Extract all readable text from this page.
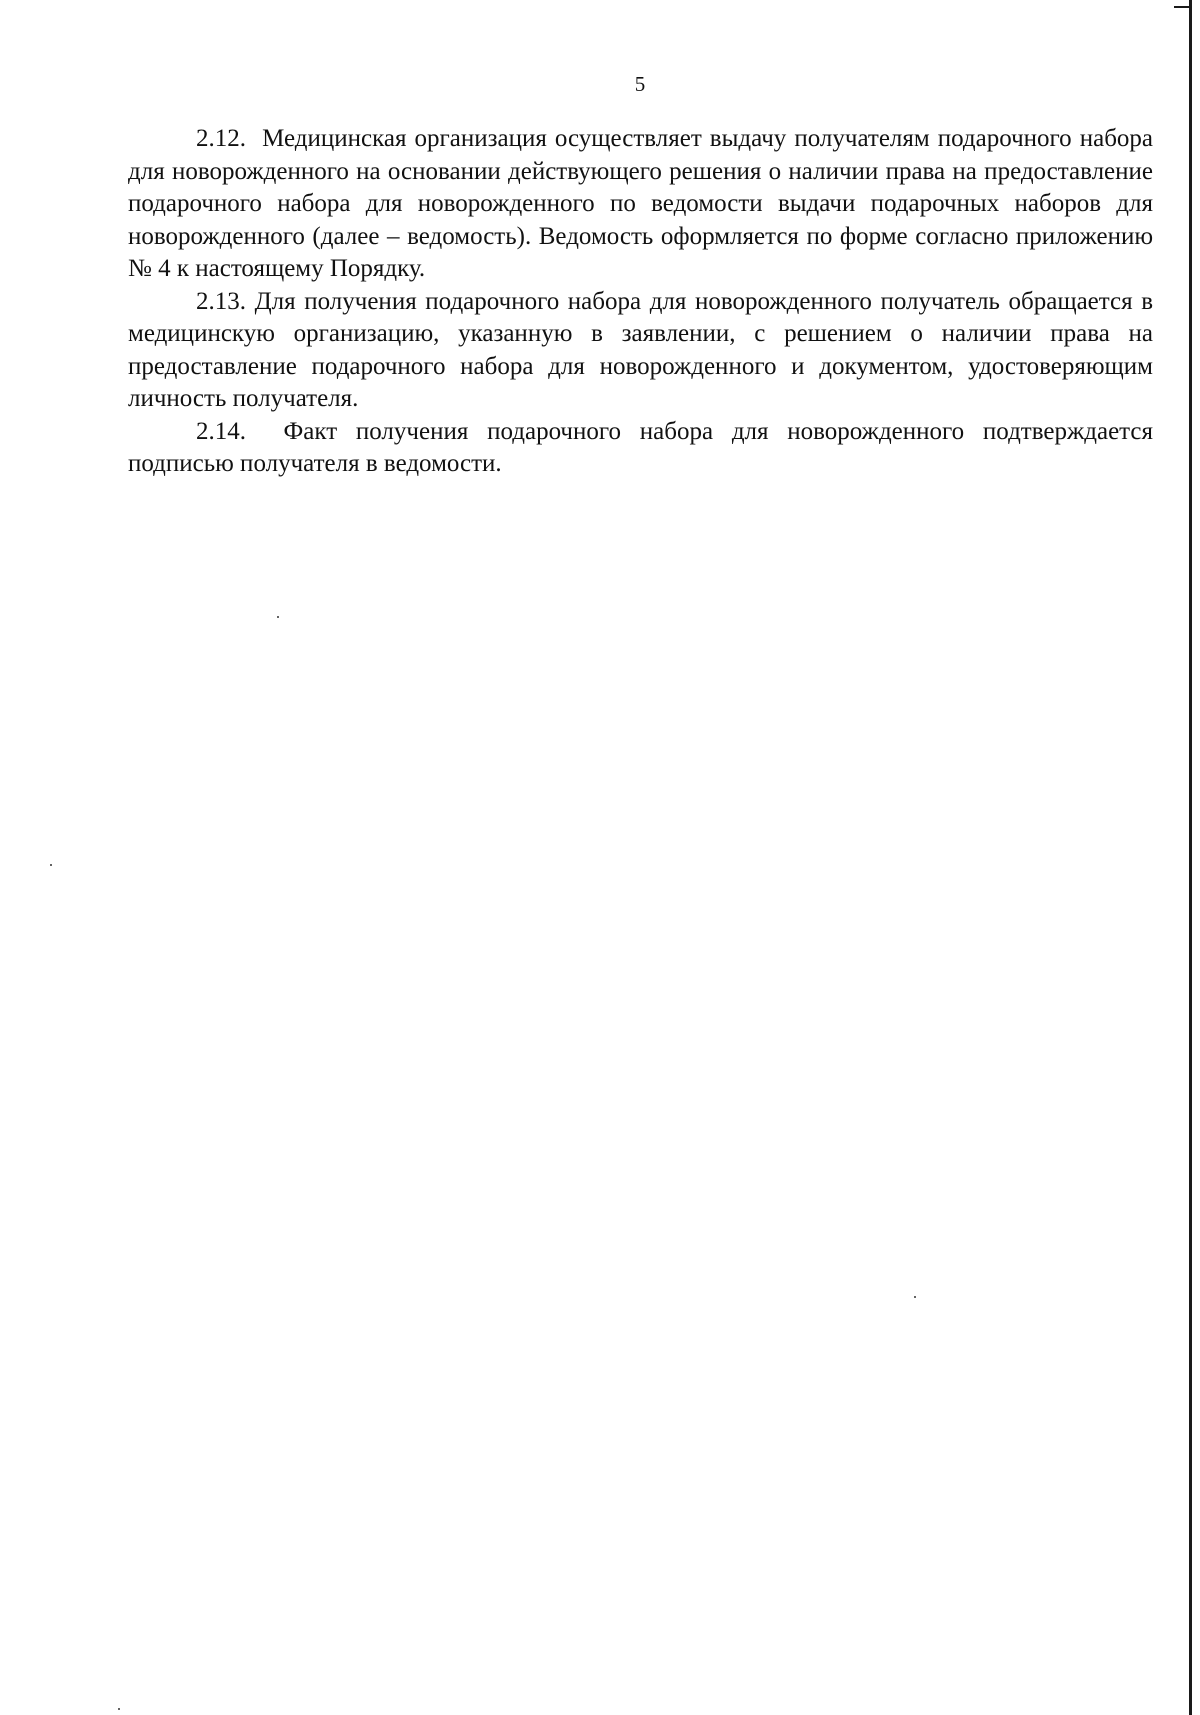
5

2.12. Медицинская организация осуществляет выдачу получателям подарочного набора для новорожденного на основании действующего решения о наличии права на предоставление подарочного набора для новорожденного по ведомости выдачи подарочных наборов для новорожденного (далее – ведомость). Ведомость оформляется по форме согласно приложению № 4 к настоящему Порядку.

2.13. Для получения подарочного набора для новорожденного получатель обращается в медицинскую организацию, указанную в заявлении, с решением о наличии права на предоставление подарочного набора для новорожденного и документом, удостоверяющим личность получателя.

2.14. Факт получения подарочного набора для новорожденного подтверждается подписью получателя в ведомости.
